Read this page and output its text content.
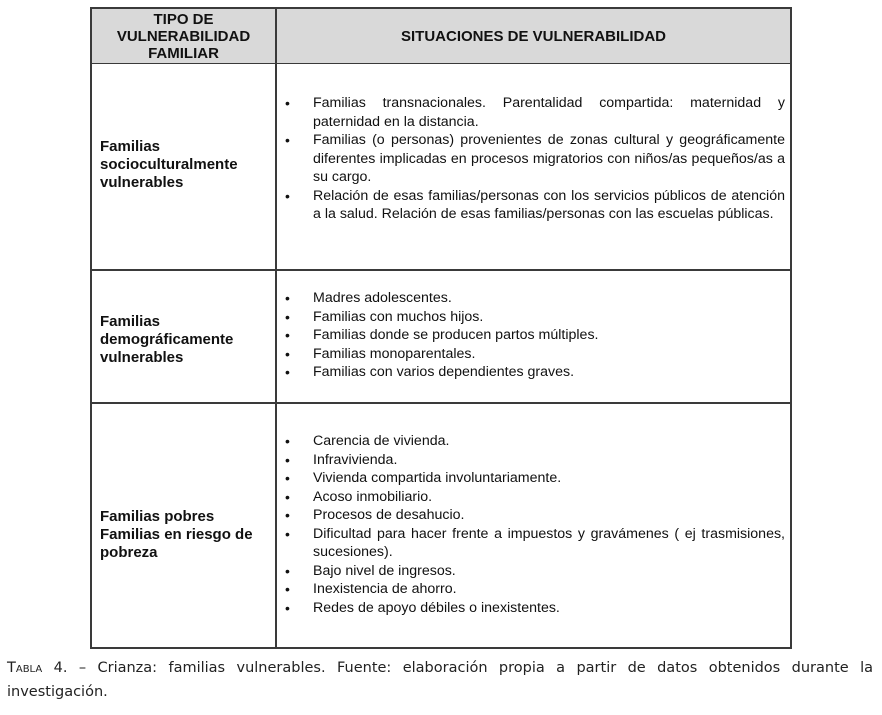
TIPO DE
VULNERABILIDAD
FAMILIAR
SITUACIONES DE VULNERABILIDAD
Familias
socioculturalmente
vulnerables
• Familias transnacionales. Parentalidad compartida: maternidad y paternidad en la distancia.
• Familias (o personas) provenientes de zonas cultural y geográficamente diferentes implicadas en procesos migratorios con niños/as pequeños/as a su cargo.
• Relación de esas familias/personas con los servicios públicos de atención a la salud. Relación de esas familias/personas con las escuelas públicas.
Familias
demográficamente
vulnerables
• Madres adolescentes.
• Familias con muchos hijos.
• Familias donde se producen partos múltiples.
• Familias monoparentales.
• Familias con varios dependientes graves.
Familias pobres
Familias en riesgo de
pobreza
• Carencia de vivienda.
• Infravivienda.
• Vivienda compartida involuntariamente.
• Acoso inmobiliario.
• Procesos de desahucio.
• Dificultad para hacer frente a impuestos y gravámenes ( ej trasmisiones, sucesiones).
• Bajo nivel de ingresos.
• Inexistencia de ahorro.
• Redes de apoyo débiles o inexistentes.
Tabla 4. – Crianza: familias vulnerables. Fuente: elaboración propia a partir de datos obtenidos durante la investigación.
